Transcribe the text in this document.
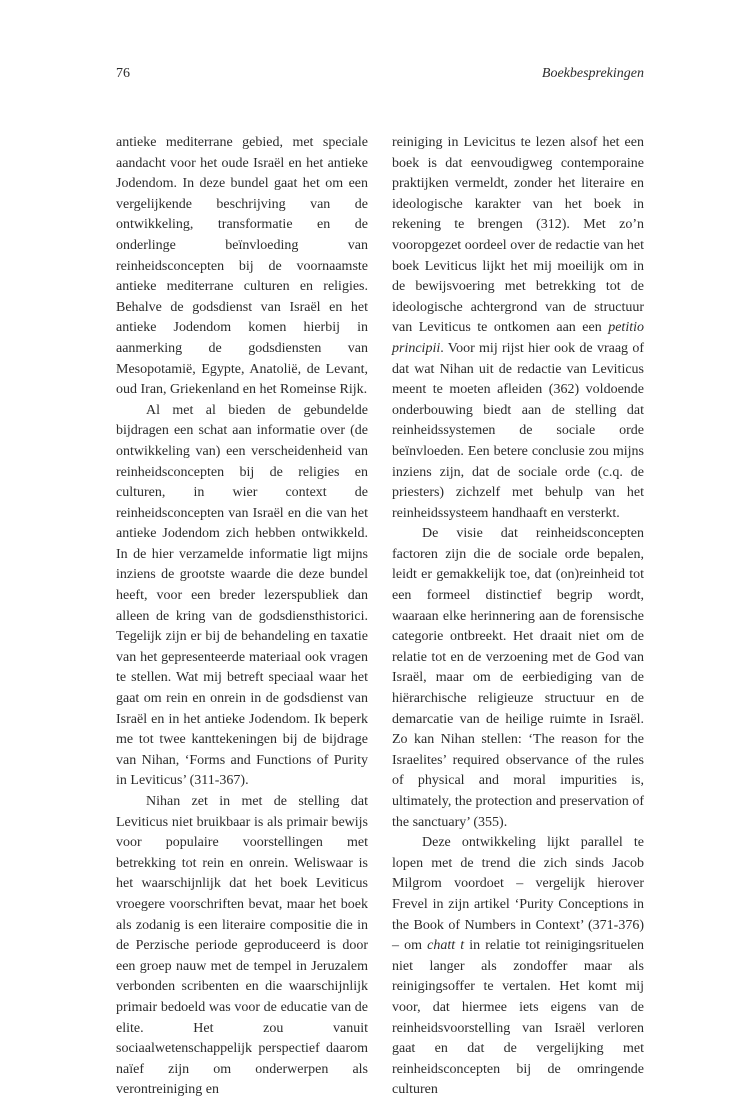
76	Boekbesprekingen

antieke mediterrane gebied, met speciale aandacht voor het oude Israël en het antieke Jodendom. In deze bundel gaat het om een vergelijkende beschrijving van de ontwikkeling, transformatie en de onderlinge beïnvloeding van reinheidsconcepten bij de voornaamste antieke mediterrane culturen en religies. Behalve de godsdienst van Israël en het antieke Jodendom komen hierbij in aanmerking de godsdiensten van Mesopotamië, Egypte, Anatolië, de Levant, oud Iran, Griekenland en het Romeinse Rijk.

Al met al bieden de gebundelde bijdragen een schat aan informatie over (de ontwikkeling van) een verscheidenheid van reinheidsconcepten bij de religies en culturen, in wier context de reinheidsconcepten van Israël en die van het antieke Jodendom zich hebben ontwikkeld. In de hier verzamelde informatie ligt mijns inziens de grootste waarde die deze bundel heeft, voor een breder lezerspubliek dan alleen de kring van de godsdiensthistorici. Tegelijk zijn er bij de behandeling en taxatie van het gepresenteerde materiaal ook vragen te stellen. Wat mij betreft speciaal waar het gaat om rein en onrein in de godsdienst van Israël en in het antieke Jodendom. Ik beperk me tot twee kanttekeningen bij de bijdrage van Nihan, ‘Forms and Functions of Purity in Leviticus’ (311-367).

Nihan zet in met de stelling dat Leviticus niet bruikbaar is als primair bewijs voor populaire voorstellingen met betrekking tot rein en onrein. Weliswaar is het waarschijnlijk dat het boek Leviticus vroegere voorschriften bevat, maar het boek als zodanig is een literaire compositie die in de Perzische periode geproduceerd is door een groep nauw met de tempel in Jeruzalem verbonden scribenten en die waarschijnlijk primair bedoeld was voor de educatie van de elite. Het zou vanuit sociaalwetenschappelijk perspectief daarom naïef zijn om onderwerpen als verontreiniging en

reiniging in Levicitus te lezen alsof het een boek is dat eenvoudigweg contemporaine praktijken vermeldt, zonder het literaire en ideologische karakter van het boek in rekening te brengen (312). Met zo’n vooropgezet oordeel over de redactie van het boek Leviticus lijkt het mij moeilijk om in de bewijsvoering met betrekking tot de ideologische achtergrond van de structuur van Leviticus te ontkomen aan een petitio principii. Voor mij rijst hier ook de vraag of dat wat Nihan uit de redactie van Leviticus meent te moeten afleiden (362) voldoende onderbouwing biedt aan de stelling dat reinheidssystemen de sociale orde beïnvloeden. Een betere conclusie zou mijns inziens zijn, dat de sociale orde (c.q. de priesters) zichzelf met behulp van het reinheidssysteem handhaaft en versterkt.

De visie dat reinheidsconcepten factoren zijn die de sociale orde bepalen, leidt er gemakkelijk toe, dat (on)reinheid tot een formeel distinctief begrip wordt, waaraan elke herinnering aan de forensische categorie ontbreekt. Het draait niet om de relatie tot en de verzoening met de God van Israël, maar om de eerbiediging van de hiërarchische religieuze structuur en de demarcatie van de heilige ruimte in Israël. Zo kan Nihan stellen: ‘The reason for the Israelites’ required observance of the rules of physical and moral impurities is, ultimately, the protection and preservation of the sanctuary’ (355).

Deze ontwikkeling lijkt parallel te lopen met de trend die zich sinds Jacob Milgrom voordoet – vergelijk hierover Frevel in zijn artikel ‘Purity Conceptions in the Book of Numbers in Context’ (371-376) – om chatt t in relatie tot reinigingsrituelen niet langer als zondoffer maar als reinigingsoffer te vertalen. Het komt mij voor, dat hiermee iets eigens van de reinheidsvoorstelling van Israël verloren gaat en dat de vergelijking met reinheidsconcepten bij de omringende culturen
